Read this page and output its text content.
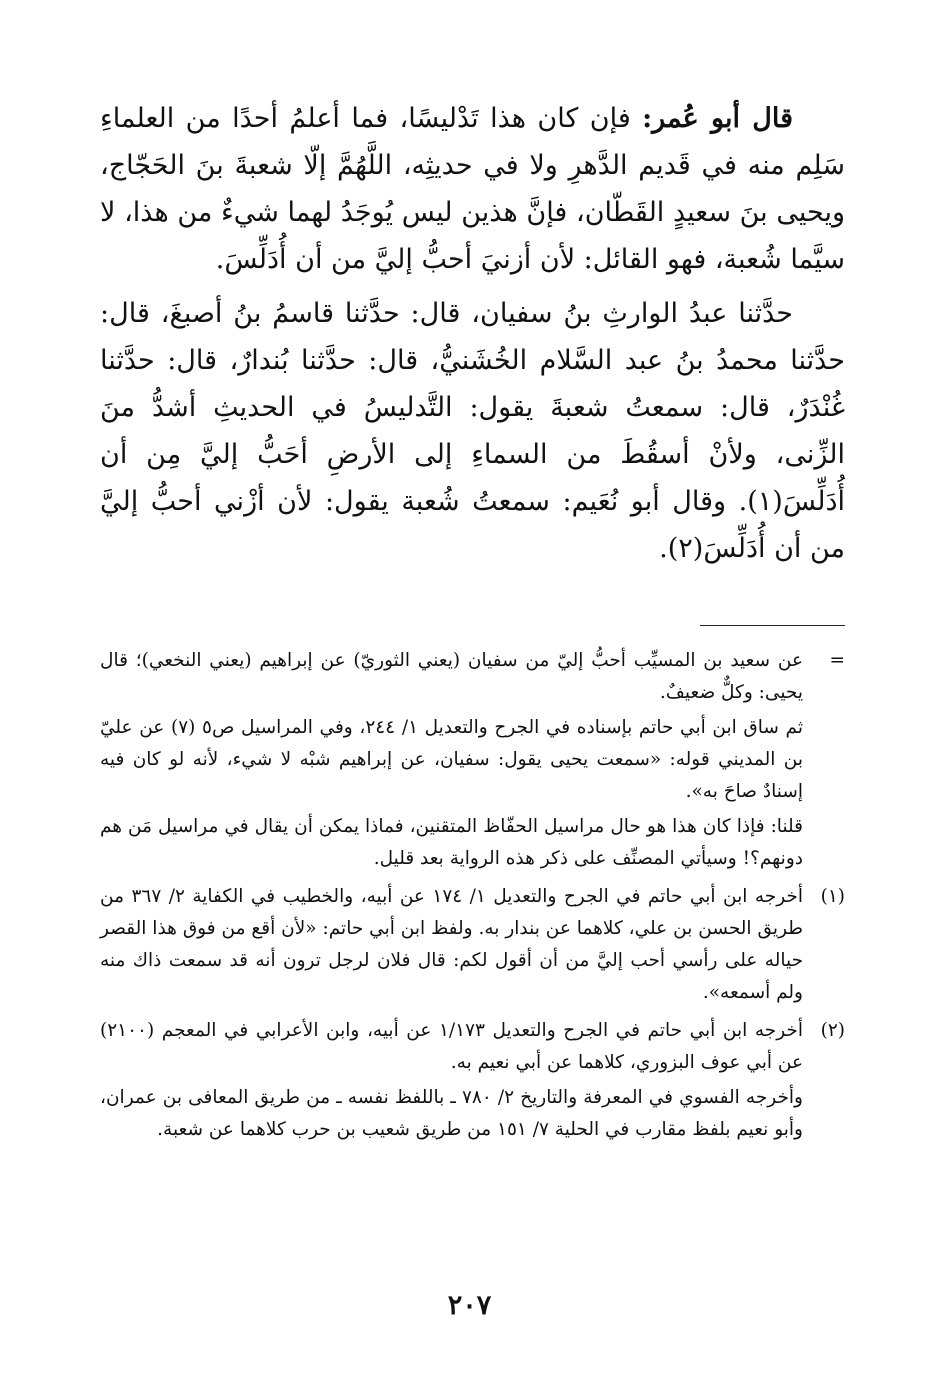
قال أبو عُمر: فإن كان هذا تَدْليسًا، فما أعلمُ أحدًا من العلماءِ سَلِم منه في قَديم الدَّهرِ ولا في حديثِه، اللَّهُمَّ إلّا شعبةَ بنَ الحَجّاج، ويحيى بنَ سعيدٍ القَطّان، فإنَّ هذين ليس يُوجَدُ لهما شيءٌ من هذا، لا سيَّما شُعبة، فهو القائل: لأن أزنيَ أحبُّ إليَّ من أن أُدَلِّسَ.

حدَّثنا عبدُ الوارثِ بنُ سفيان، قال: حدَّثنا قاسمُ بنُ أصبغَ، قال: حدَّثنا محمدُ بنُ عبد السَّلام الخُشَنيُّ، قال: حدَّثنا بُندارٌ، قال: حدَّثنا غُنْدَرٌ، قال: سمعتُ شعبةَ يقول: التَّدليسُ في الحديثِ أشدُّ منَ الزِّنى، ولأنْ أسقُطَ من السماءِ إلى الأرضِ أحَبُّ إليَّ مِن أن أُدَلِّسَ(١). وقال أبو نُعَيم: سمعتُ شُعبة يقول: لأن أزْني أحبُّ إليَّ من أن أُدَلِّسَ(٢).

=

عن سعيد بن المسيِّب أحبُّ إليّ من سفيان (يعني الثوريّ) عن إبراهيم (يعني النخعي)؛ قال يحيى: وكلٌّ ضعيفٌ.

ثم ساق ابن أبي حاتم بإسناده في الجرح والتعديل ١/ ٢٤٤، وفي المراسيل ص٥ (٧) عن عليّ بن المديني قوله: «سمعت يحيى يقول: سفيان، عن إبراهيم شبْه لا شيء، لأنه لو كان فيه إسنادٌ صاحَ به».

قلنا: فإذا كان هذا هو حال مراسيل الحفّاظ المتقنين، فماذا يمكن أن يقال في مراسيل مَن هم دونهم؟! وسيأتي المصنِّف على ذكر هذه الرواية بعد قليل.

(١)

أخرجه ابن أبي حاتم في الجرح والتعديل ١/ ١٧٤ عن أبيه، والخطيب في الكفاية ٢/ ٣٦٧ من طريق الحسن بن علي، كلاهما عن بندار به. ولفظ ابن أبي حاتم: «لأن أقع من فوق هذا القصر حياله على رأسي أحب إليَّ من أن أقول لكم: قال فلان لرجل ترون أنه قد سمعت ذاك منه ولم أسمعه».

(٢)

أخرجه ابن أبي حاتم في الجرح والتعديل ١/١٧٣ عن أبيه، وابن الأعرابي في المعجم (٢١٠٠) عن أبي عوف البزوري، كلاهما عن أبي نعيم به.

وأخرجه الفسوي في المعرفة والتاريخ ٢/ ٧٨٠ ـ باللفظ نفسه ـ من طريق المعافى بن عمران، وأبو نعيم بلفظ مقارب في الحلية ٧/ ١٥١ من طريق شعيب بن حرب كلاهما عن شعبة.

٢٠٧
